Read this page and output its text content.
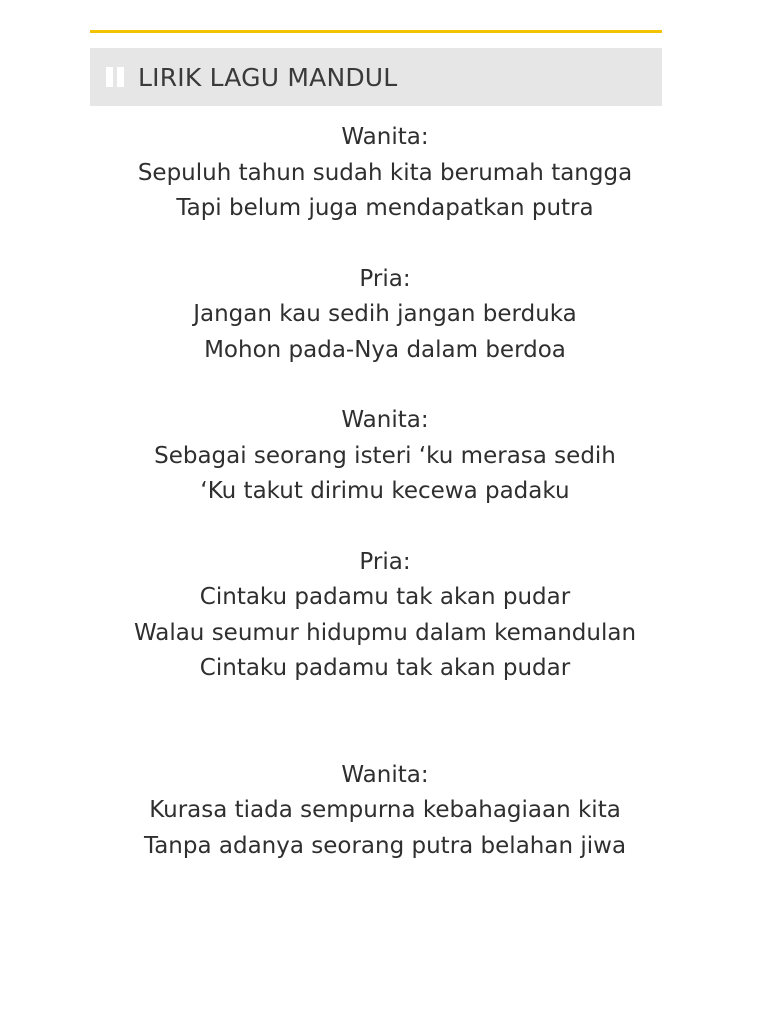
LIRIK LAGU MANDUL
Wanita:
Sepuluh tahun sudah kita berumah tangga
Tapi belum juga mendapatkan putra
Pria:
Jangan kau sedih jangan berduka
Mohon pada-Nya dalam berdoa
Wanita:
Sebagai seorang isteri ‘ku merasa sedih
‘Ku takut dirimu kecewa padaku
Pria:
Cintaku padamu tak akan pudar
Walau seumur hidupmu dalam kemandulan
Cintaku padamu tak akan pudar
Wanita:
Kurasa tiada sempurna kebahagiaan kita
Tanpa adanya seorang putra belahan jiwa
